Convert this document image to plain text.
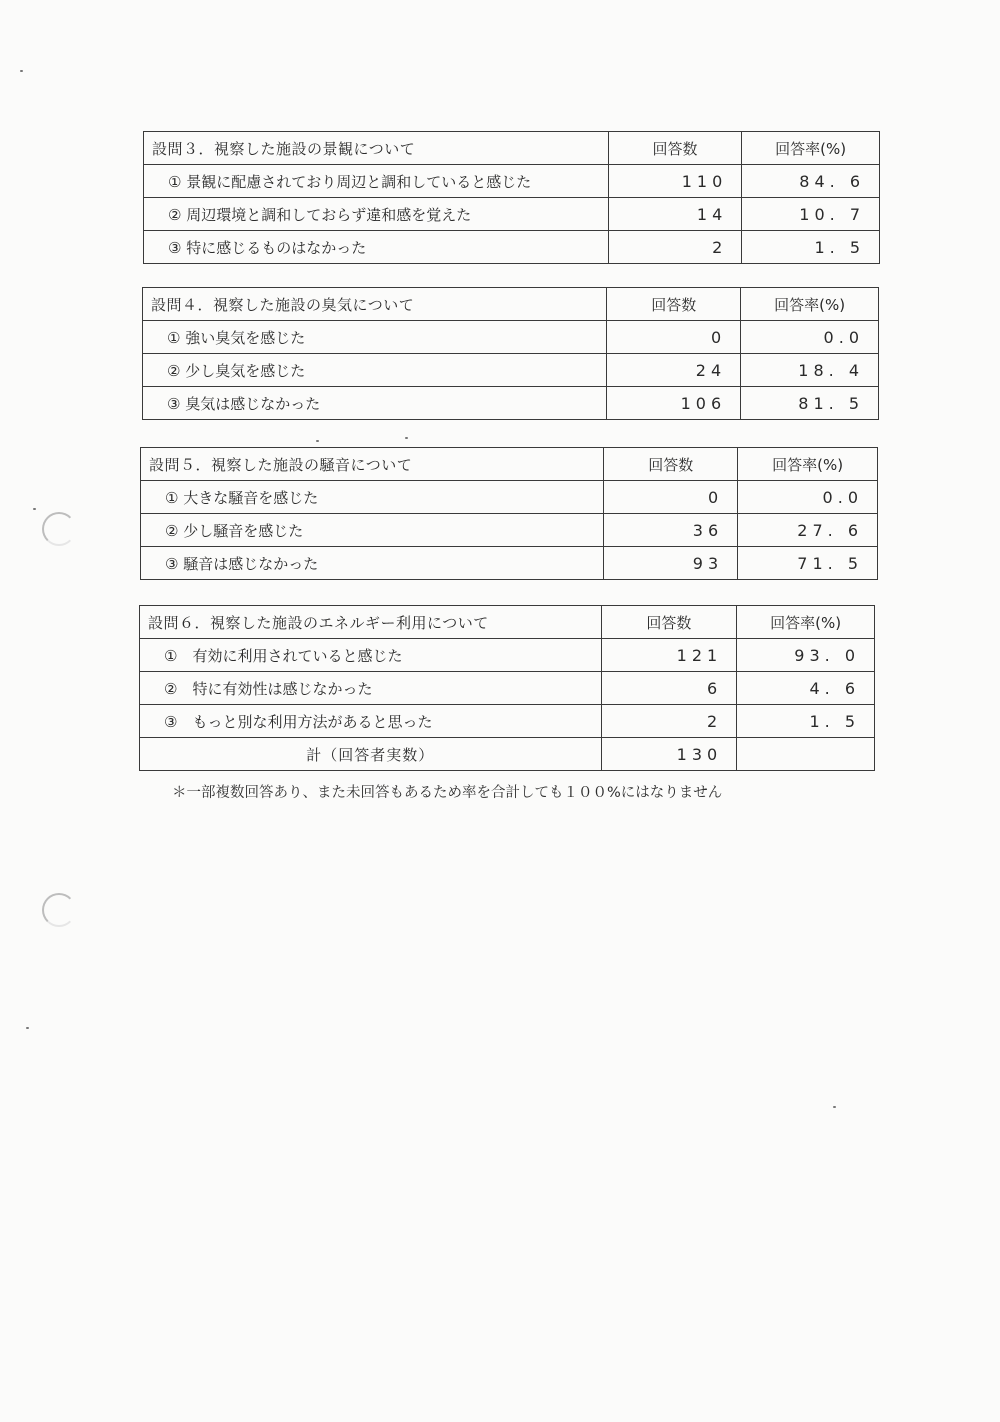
設問３．視察した施設の景観について	回答数	回答率(%)
① 景観に配慮されており周辺と調和していると感じた	110	84. 6
② 周辺環境と調和しておらず違和感を覚えた	14	10. 7
③ 特に感じるものはなかった	2	1. 5
設問４．視察した施設の臭気について	回答数	回答率(%)
① 強い臭気を感じた	0	0.0
② 少し臭気を感じた	24	18. 4
③ 臭気は感じなかった	106	81. 5
設問５．視察した施設の騒音について	回答数	回答率(%)
① 大きな騒音を感じた	0	0.0
② 少し騒音を感じた	36	27. 6
③ 騒音は感じなかった	93	71. 5
設問６．視察した施設のエネルギー利用について	回答数	回答率(%)
①　有効に利用されていると感じた	121	93. 0
②　特に有効性は感じなかった	6	4. 6
③　もっと別な利用方法があると思った	2	1. 5
計（回答者実数）	130	
＊一部複数回答あり、また未回答もあるため率を合計しても１００%にはなりません
